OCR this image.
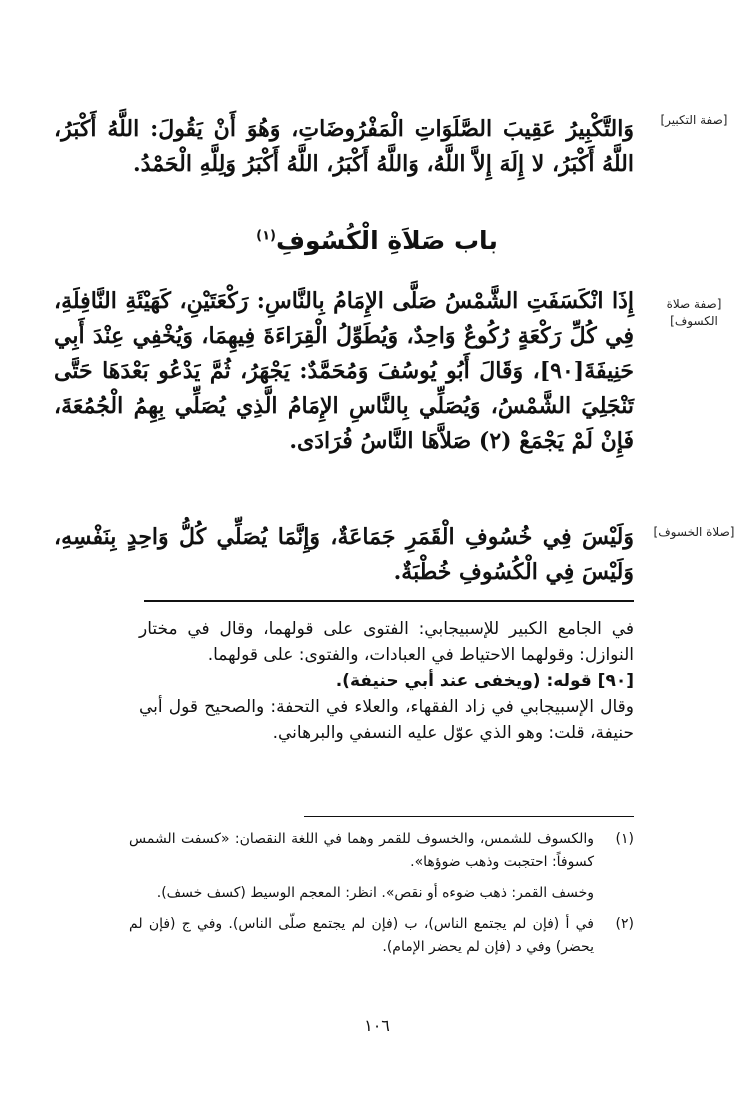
[صفة التكبير]
وَالتَّكْبِيرُ عَقِيبَ الصَّلَوَاتِ الْمَفْرُوضَاتِ، وَهُوَ أَنْ يَقُولَ: اللَّهُ أَكْبَرُ، اللَّهُ أَكْبَرُ، لا إِلَهَ إِلاَّ اللَّهُ، وَاللَّهُ أَكْبَرُ، اللَّهُ أَكْبَرُ وَلِلَّهِ الْحَمْدُ.
باب صَلاَةِ الْكُسُوفِ$^{(١)}$
[صفة صلاة الكسوف]
إِذَا انْكَسَفَتِ الشَّمْسُ صَلَّى الإِمَامُ بِالنَّاسِ: رَكْعَتَيْنِ، كَهَيْئَةِ النَّافِلَةِ، فِي كُلِّ رَكْعَةٍ رُكُوعٌ وَاحِدٌ، وَيُطَوِّلُ الْقِرَاءَةَ فِيهِمَا، وَيُخْفِي عِنْدَ أَبِي حَنِيفَةَ[٩٠]، وَقَالَ أَبُو يُوسُفَ وَمُحَمَّدٌ: يَجْهَرُ، ثُمَّ يَدْعُو بَعْدَهَا حَتَّى تَنْجَلِيَ الشَّمْسُ، وَيُصَلِّي بِالنَّاسِ الإِمَامُ الَّذِي يُصَلِّي بِهِمُ الْجُمُعَةَ، فَإِنْ لَمْ يَجْمَعْ (٢) صَلاَّهَا النَّاسُ فُرَادَى.
[صلاة الخسوف]
وَلَيْسَ فِي خُسُوفِ الْقَمَرِ جَمَاعَةٌ، وَإِنَّمَا يُصَلِّي كُلُّ وَاحِدٍ بِنَفْسِهِ، وَلَيْسَ فِي الْكُسُوفِ خُطْبَةٌ.

في الجامع الكبير للإسبيجابي: الفتوى على قولهما، وقال في مختار النوازل: وقولهما الاحتياط في العبادات، والفتوى: على قولهما.

[٩٠] قوله: (ويخفى عند أبي حنيفة).

وقال الإسبيجابي في زاد الفقهاء، والعلاء في التحفة: والصحيح قول أبي حنيفة، قلت: وهو الذي عوّل عليه النسفي والبرهاني.

(١)

والكسوف للشمس، والخسوف للقمر وهما في اللغة النقصان: «كسفت الشمس كسوفاً: احتجبت وذهب ضوؤها».

وخسف القمر: ذهب ضوءه أو نقص». انظر: المعجم الوسيط (كسف خسف).

(٢)

في أ (فإن لم يجتمع الناس)، ب (فإن لم يجتمع صلّى الناس). وفي ج (فإن لم يحضر) وفي د (فإن لم يحضر الإمام).

١٠٦
